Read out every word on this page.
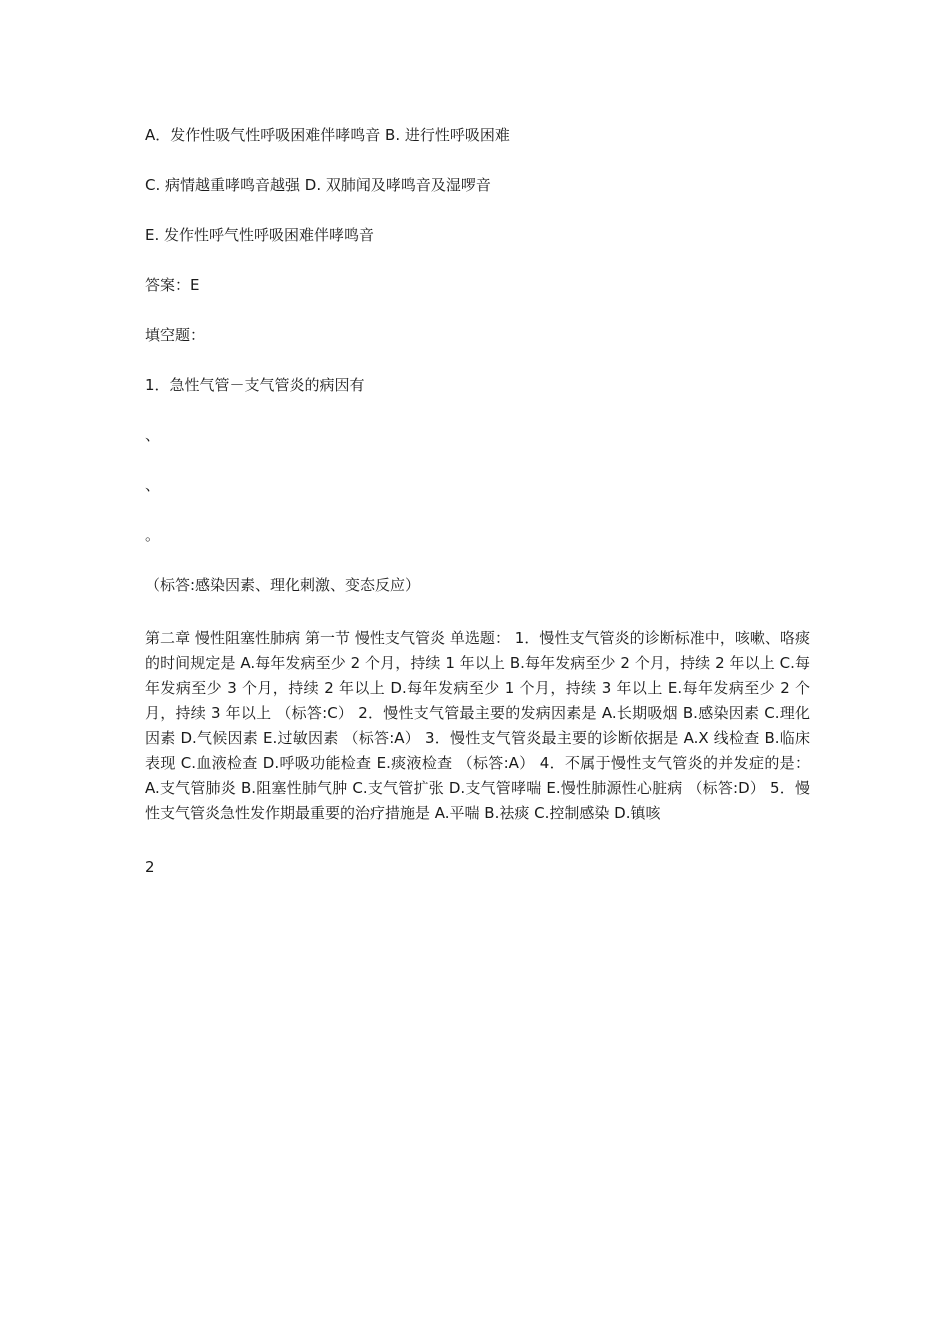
A．发作性吸气性呼吸困难伴哮鸣音 B. 进行性呼吸困难

C. 病情越重哮鸣音越强 D. 双肺闻及哮鸣音及湿啰音

E. 发作性呼气性呼吸困难伴哮鸣音

答案：E

填空题：

1．急性气管－支气管炎的病因有

、

、

。

（标答:感染因素、理化刺激、变态反应）

第二章 慢性阻塞性肺病 第一节 慢性支气管炎 单选题： 1．慢性支气管炎的诊断标准中，咳嗽、咯痰的时间规定是 A.每年发病至少 2 个月，持续 1 年以上 B.每年发病至少 2 个月，持续 2 年以上 C.每年发病至少 3 个月，持续 2 年以上 D.每年发病至少 1 个月，持续 3 年以上 E.每年发病至少 2 个月，持续 3 年以上 （标答:C） 2．慢性支气管最主要的发病因素是 A.长期吸烟 B.感染因素 C.理化因素 D.气候因素 E.过敏因素 （标答:A） 3．慢性支气管炎最主要的诊断依据是 A.X 线检查 B.临床表现 C.血液检查 D.呼吸功能检查 E.痰液检查 （标答:A） 4．不属于慢性支气管炎的并发症的是： A.支气管肺炎 B.阻塞性肺气肿 C.支气管扩张 D.支气管哮喘 E.慢性肺源性心脏病 （标答:D） 5．慢性支气管炎急性发作期最重要的治疗措施是 A.平喘 B.祛痰 C.控制感染 D.镇咳

2
